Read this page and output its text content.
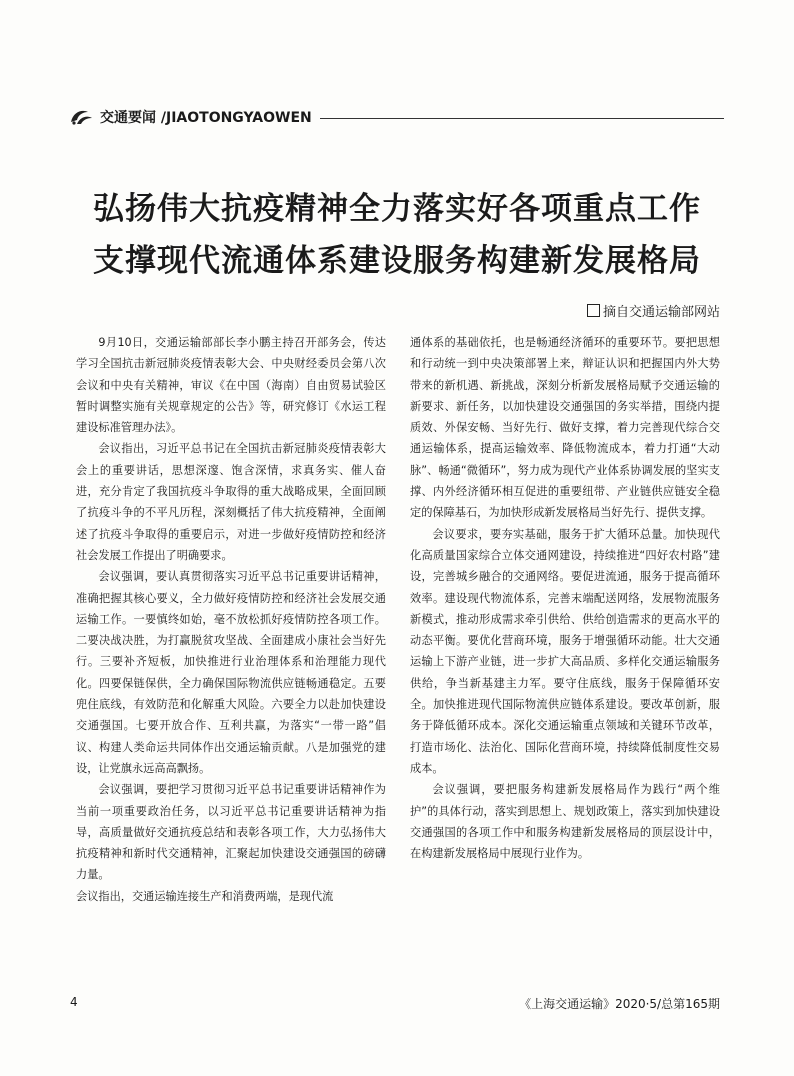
交通要闻 /JIAOTONGYAOWEN
弘扬伟大抗疫精神全力落实好各项重点工作
支撑现代流通体系建设服务构建新发展格局
摘自交通运输部网站

9月10日，交通运输部部长李小鹏主持召开部务会，传达学习全国抗击新冠肺炎疫情表彰大会、中央财经委员会第八次会议和中央有关精神，审议《在中国（海南）自由贸易试验区暂时调整实施有关规章规定的公告》等，研究修订《水运工程建设标准管理办法》。

会议指出，习近平总书记在全国抗击新冠肺炎疫情表彰大会上的重要讲话，思想深邃、饱含深情，求真务实、催人奋进，充分肯定了我国抗疫斗争取得的重大战略成果，全面回顾了抗疫斗争的不平凡历程，深刻概括了伟大抗疫精神，全面阐述了抗疫斗争取得的重要启示，对进一步做好疫情防控和经济社会发展工作提出了明确要求。

会议强调，要认真贯彻落实习近平总书记重要讲话精神，准确把握其核心要义，全力做好疫情防控和经济社会发展交通运输工作。一要慎终如始，毫不放松抓好疫情防控各项工作。二要决战决胜，为打赢脱贫攻坚战、全面建成小康社会当好先行。三要补齐短板，加快推进行业治理体系和治理能力现代化。四要保链保供，全力确保国际物流供应链畅通稳定。五要兜住底线，有效防范和化解重大风险。六要全力以赴加快建设交通强国。七要开放合作、互利共赢，为落实“一带一路”倡议、构建人类命运共同体作出交通运输贡献。八是加强党的建设，让党旗永远高高飘扬。

会议强调，要把学习贯彻习近平总书记重要讲话精神作为当前一项重要政治任务，以习近平总书记重要讲话精神为指导，高质量做好交通抗疫总结和表彰各项工作，大力弘扬伟大抗疫精神和新时代交通精神，汇聚起加快建设交通强国的磅礴力量。

会议指出，交通运输连接生产和消费两端，是现代流

通体系的基础依托，也是畅通经济循环的重要环节。要把思想和行动统一到中央决策部署上来，辩证认识和把握国内外大势带来的新机遇、新挑战，深刻分析新发展格局赋予交通运输的新要求、新任务，以加快建设交通强国的务实举措，围绕内提质效、外保安畅、当好先行、做好支撑，着力完善现代综合交通运输体系，提高运输效率、降低物流成本，着力打通“大动脉”、畅通“微循环”，努力成为现代产业体系协调发展的坚实支撑、内外经济循环相互促进的重要纽带、产业链供应链安全稳定的保障基石，为加快形成新发展格局当好先行、提供支撑。

会议要求，要夯实基础，服务于扩大循环总量。加快现代化高质量国家综合立体交通网建设，持续推进“四好农村路”建设，完善城乡融合的交通网络。要促进流通，服务于提高循环效率。建设现代物流体系，完善末端配送网络，发展物流服务新模式，推动形成需求牵引供给、供给创造需求的更高水平的动态平衡。要优化营商环境，服务于增强循环动能。壮大交通运输上下游产业链，进一步扩大高品质、多样化交通运输服务供给，争当新基建主力军。要守住底线，服务于保障循环安全。加快推进现代国际物流供应链体系建设。要改革创新，服务于降低循环成本。深化交通运输重点领域和关键环节改革，打造市场化、法治化、国际化营商环境，持续降低制度性交易成本。

会议强调，要把服务构建新发展格局作为践行“两个维护”的具体行动，落实到思想上、规划政策上，落实到加快建设交通强国的各项工作中和服务构建新发展格局的顶层设计中，在构建新发展格局中展现行业作为。

4	《上海交通运输》2020·5/总第165期
